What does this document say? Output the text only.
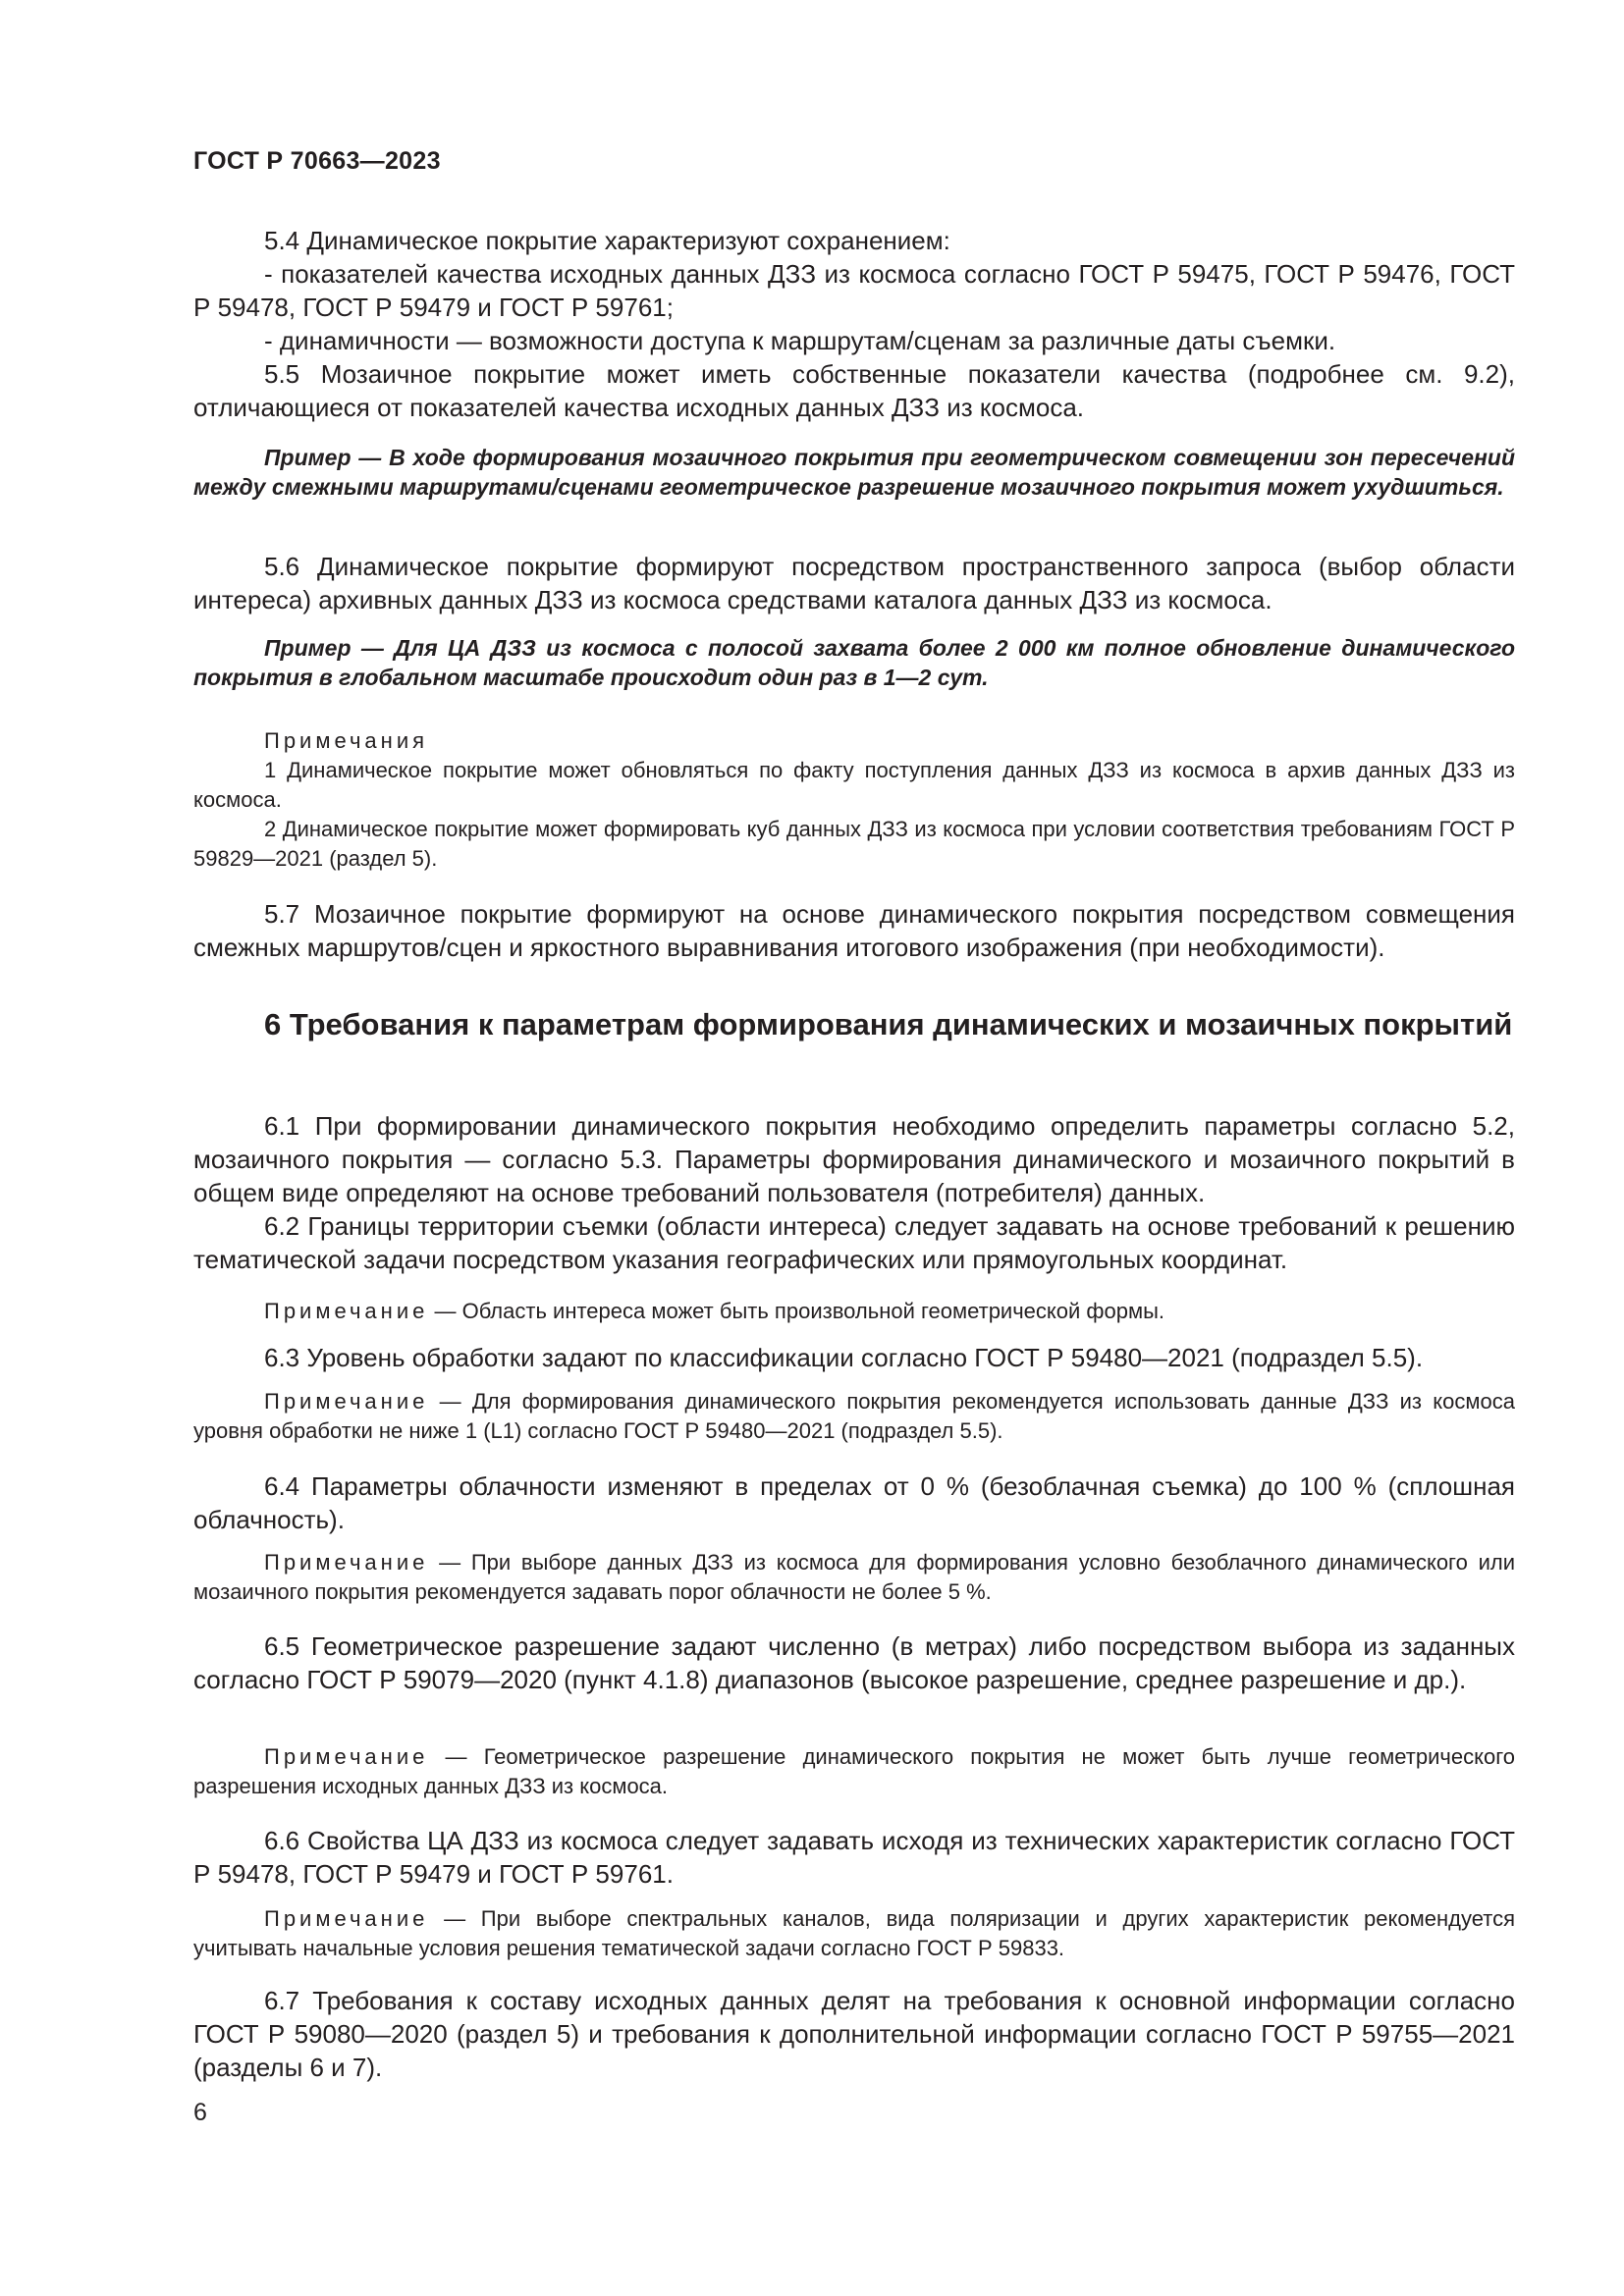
ГОСТ Р 70663—2023

5.4 Динамическое покрытие характеризуют сохранением:

- показателей качества исходных данных ДЗЗ из космоса согласно ГОСТ Р 59475, ГОСТ Р 59476, ГОСТ Р 59478, ГОСТ Р 59479 и ГОСТ Р 59761;

- динамичности — возможности доступа к маршрутам/сценам за различные даты съемки.

5.5 Мозаичное покрытие может иметь собственные показатели качества (подробнее см. 9.2), отличающиеся от показателей качества исходных данных ДЗЗ из космоса.

Пример — В ходе формирования мозаичного покрытия при геометрическом совмещении зон пересечений между смежными маршрутами/сценами геометрическое разрешение мозаичного покрытия может ухудшиться.

5.6 Динамическое покрытие формируют посредством пространственного запроса (выбор области интереса) архивных данных ДЗЗ из космоса средствами каталога данных ДЗЗ из космоса.

Пример — Для ЦА ДЗЗ из космоса с полосой захвата более 2 000 км полное обновление динамического покрытия в глобальном масштабе происходит один раз в 1—2 сут.

Примечания

1 Динамическое покрытие может обновляться по факту поступления данных ДЗЗ из космоса в архив данных ДЗЗ из космоса.

2 Динамическое покрытие может формировать куб данных ДЗЗ из космоса при условии соответствия требованиям ГОСТ Р 59829—2021 (раздел 5).

5.7 Мозаичное покрытие формируют на основе динамического покрытия посредством совмещения смежных маршрутов/сцен и яркостного выравнивания итогового изображения (при необходимости).

6 Требования к параметрам формирования динамических и мозаичных покрытий

6.1 При формировании динамического покрытия необходимо определить параметры согласно 5.2, мозаичного покрытия — согласно 5.3. Параметры формирования динамического и мозаичного покрытий в общем виде определяют на основе требований пользователя (потребителя) данных.

6.2 Границы территории съемки (области интереса) следует задавать на основе требований к решению тематической задачи посредством указания географических или прямоугольных координат.

Примечание — Область интереса может быть произвольной геометрической формы.

6.3 Уровень обработки задают по классификации согласно ГОСТ Р 59480—2021 (подраздел 5.5).

Примечание — Для формирования динамического покрытия рекомендуется использовать данные ДЗЗ из космоса уровня обработки не ниже 1 (L1) согласно ГОСТ Р 59480—2021 (подраздел 5.5).

6.4 Параметры облачности изменяют в пределах от 0 % (безоблачная съемка) до 100 % (сплошная облачность).

Примечание — При выборе данных ДЗЗ из космоса для формирования условно безоблачного динамического или мозаичного покрытия рекомендуется задавать порог облачности не более 5 %.

6.5 Геометрическое разрешение задают численно (в метрах) либо посредством выбора из заданных согласно ГОСТ Р 59079—2020 (пункт 4.1.8) диапазонов (высокое разрешение, среднее разрешение и др.).

Примечание — Геометрическое разрешение динамического покрытия не может быть лучше геометрического разрешения исходных данных ДЗЗ из космоса.

6.6 Свойства ЦА ДЗЗ из космоса следует задавать исходя из технических характеристик согласно ГОСТ Р 59478, ГОСТ Р 59479 и ГОСТ Р 59761.

Примечание — При выборе спектральных каналов, вида поляризации и других характеристик рекомендуется учитывать начальные условия решения тематической задачи согласно ГОСТ Р 59833.

6.7 Требования к составу исходных данных делят на требования к основной информации согласно ГОСТ Р 59080—2020 (раздел 5) и требования к дополнительной информации согласно ГОСТ Р 59755—2021 (разделы 6 и 7).

6
